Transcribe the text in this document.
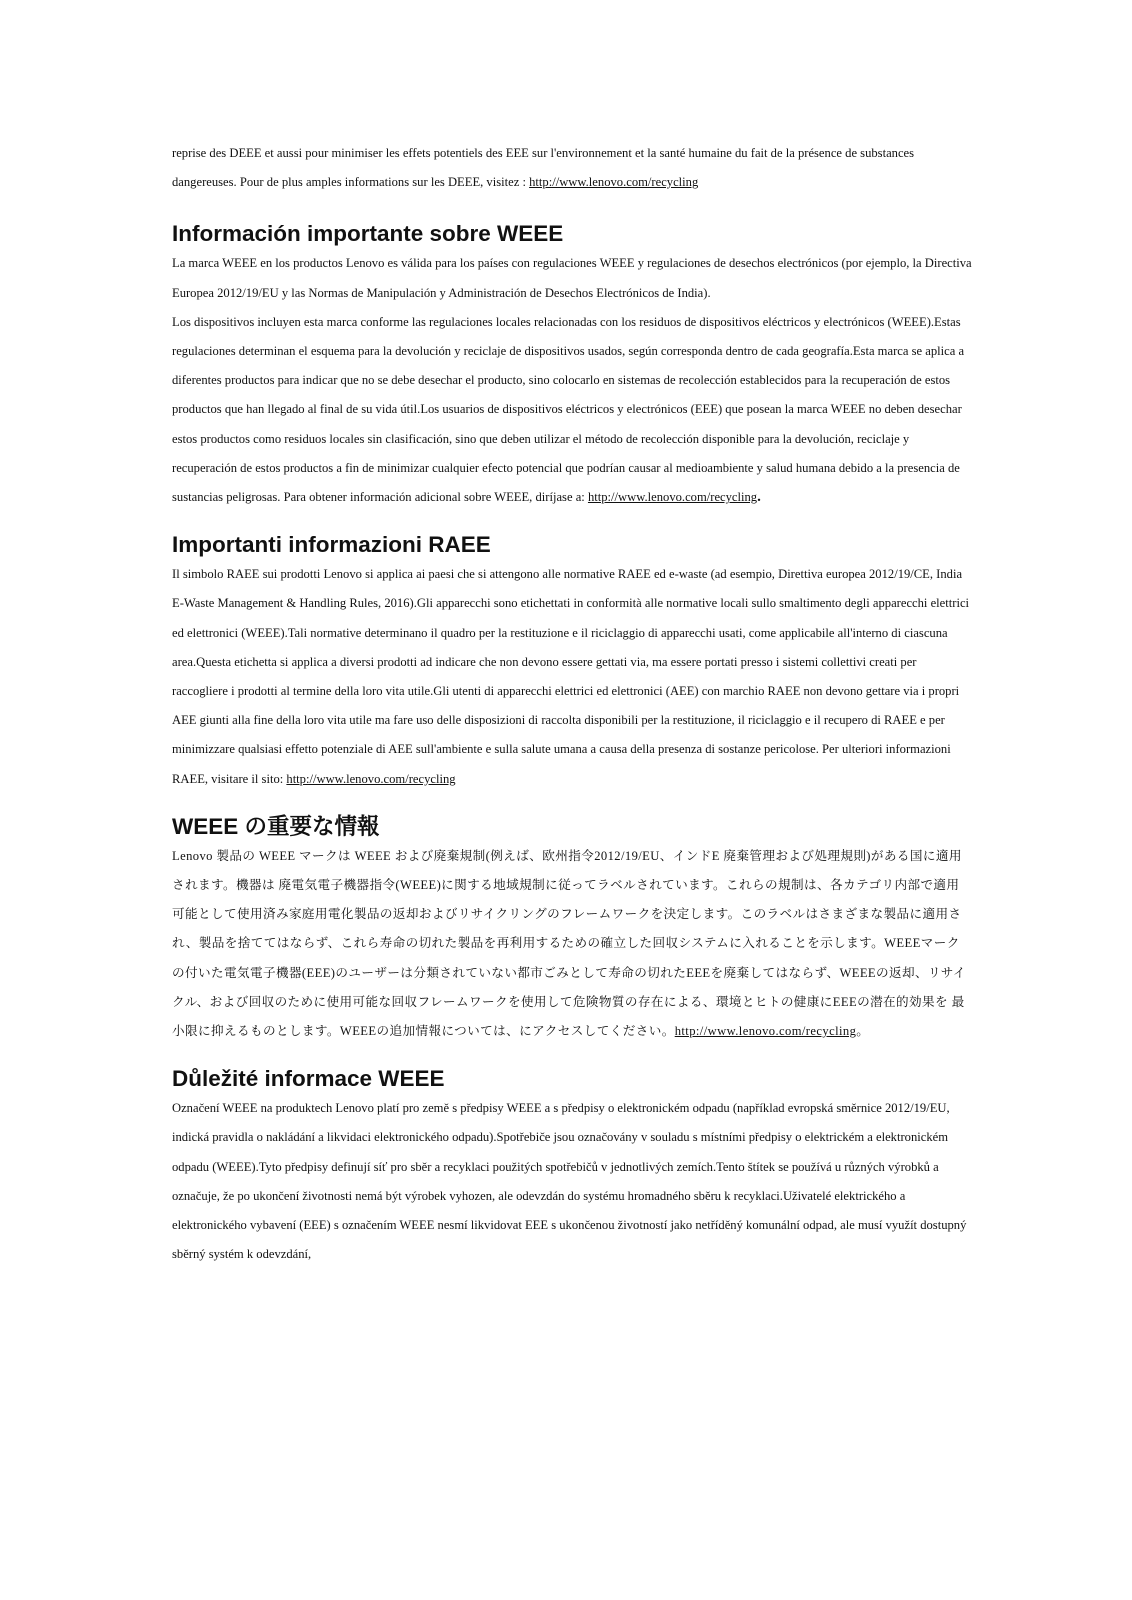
reprise des DEEE et aussi pour minimiser les effets potentiels des EEE sur l'environnement et la santé humaine du fait de la présence de substances dangereuses. Pour de plus amples informations sur les DEEE, visitez : http://www.lenovo.com/recycling

Información importante sobre WEEE

La marca WEEE en los productos Lenovo es válida para los países con regulaciones WEEE y regulaciones de desechos electrónicos (por ejemplo, la Directiva Europea 2012/19/EU y las Normas de Manipulación y Administración de Desechos Electrónicos de India).

Los dispositivos incluyen esta marca conforme las regulaciones locales relacionadas con los residuos de dispositivos eléctricos y electrónicos (WEEE).Estas regulaciones determinan el esquema para la devolución y reciclaje de dispositivos usados, según corresponda dentro de cada geografía.Esta marca se aplica a diferentes productos para indicar que no se debe desechar el producto, sino colocarlo en sistemas de recolección establecidos para la recuperación de estos productos que han llegado al final de su vida útil.Los usuarios de dispositivos eléctricos y electrónicos (EEE) que posean la marca WEEE no deben desechar estos productos como residuos locales sin clasificación, sino que deben utilizar el método de recolección disponible para la devolución, reciclaje y recuperación de estos productos a fin de minimizar cualquier efecto potencial que podrían causar al medioambiente y salud humana debido a la presencia de sustancias peligrosas. Para obtener información adicional sobre WEEE, diríjase a: http://www.lenovo.com/recycling.

Importanti informazioni RAEE

Il simbolo RAEE sui prodotti Lenovo si applica ai paesi che si attengono alle normative RAEE ed e-waste (ad esempio, Direttiva europea 2012/19/CE, India E-Waste Management & Handling Rules, 2016).Gli apparecchi sono etichettati in conformità alle normative locali sullo smaltimento degli apparecchi elettrici ed elettronici (WEEE).Tali normative determinano il quadro per la restituzione e il riciclaggio di apparecchi usati, come applicabile all'interno di ciascuna area.Questa etichetta si applica a diversi prodotti ad indicare che non devono essere gettati via, ma essere portati presso i sistemi collettivi creati per raccogliere i prodotti al termine della loro vita utile.Gli utenti di apparecchi elettrici ed elettronici (AEE) con marchio RAEE non devono gettare via i propri AEE giunti alla fine della loro vita utile ma fare uso delle disposizioni di raccolta disponibili per la restituzione, il riciclaggio e il recupero di RAEE e per minimizzare qualsiasi effetto potenziale di AEE sull'ambiente e sulla salute umana a causa della presenza di sostanze pericolose. Per ulteriori informazioni RAEE, visitare il sito: http://www.lenovo.com/recycling

WEEE の重要な情報

Lenovo 製品の WEEE マークは WEEE および廃棄規制(例えば、欧州指令2012/19/EU、インドE 廃棄管理および処理規則)がある国に適用されます。機器は 廃電気電子機器指令(WEEE)に関する地域規制に従ってラベルされています。これらの規制は、各カテゴリ内部で適用可能として使用済み家庭用電化製品の返却およびリサイクリングのフレームワークを決定します。このラベルはさまざまな製品に適用され、製品を捨ててはならず、これら寿命の切れた製品を再利用するための確立した回収システムに入れることを示します。WEEEマークの付いた電気電子機器(EEE)のユーザーは分類されていない都市ごみとして寿命の切れたEEEを廃棄してはならず、WEEEの返却、リサイクル、および回収のために使用可能な回収フレームワークを使用して危険物質の存在による、環境とヒトの健康にEEEの潜在的効果を 最小限に抑えるものとします。WEEEの追加情報については、にアクセスしてください。http://www.lenovo.com/recycling。

Důležité informace WEEE

Označení WEEE na produktech Lenovo platí pro země s předpisy WEEE a s předpisy o elektronickém odpadu (například evropská směrnice 2012/19/EU, indická pravidla o nakládání a likvidaci elektronického odpadu).Spotřebiče jsou označovány v souladu s místními předpisy o elektrickém a elektronickém odpadu (WEEE).Tyto předpisy definují síť pro sběr a recyklaci použitých spotřebičů v jednotlivých zemích.Tento štítek se používá u různých výrobků a označuje, že po ukončení životnosti nemá být výrobek vyhozen, ale odevzdán do systému hromadného sběru k recyklaci.Uživatelé elektrického a elektronického vybavení (EEE) s označením WEEE nesmí likvidovat EEE s ukončenou životností jako netříděný komunální odpad, ale musí využít dostupný sběrný systém k odevzdání,
